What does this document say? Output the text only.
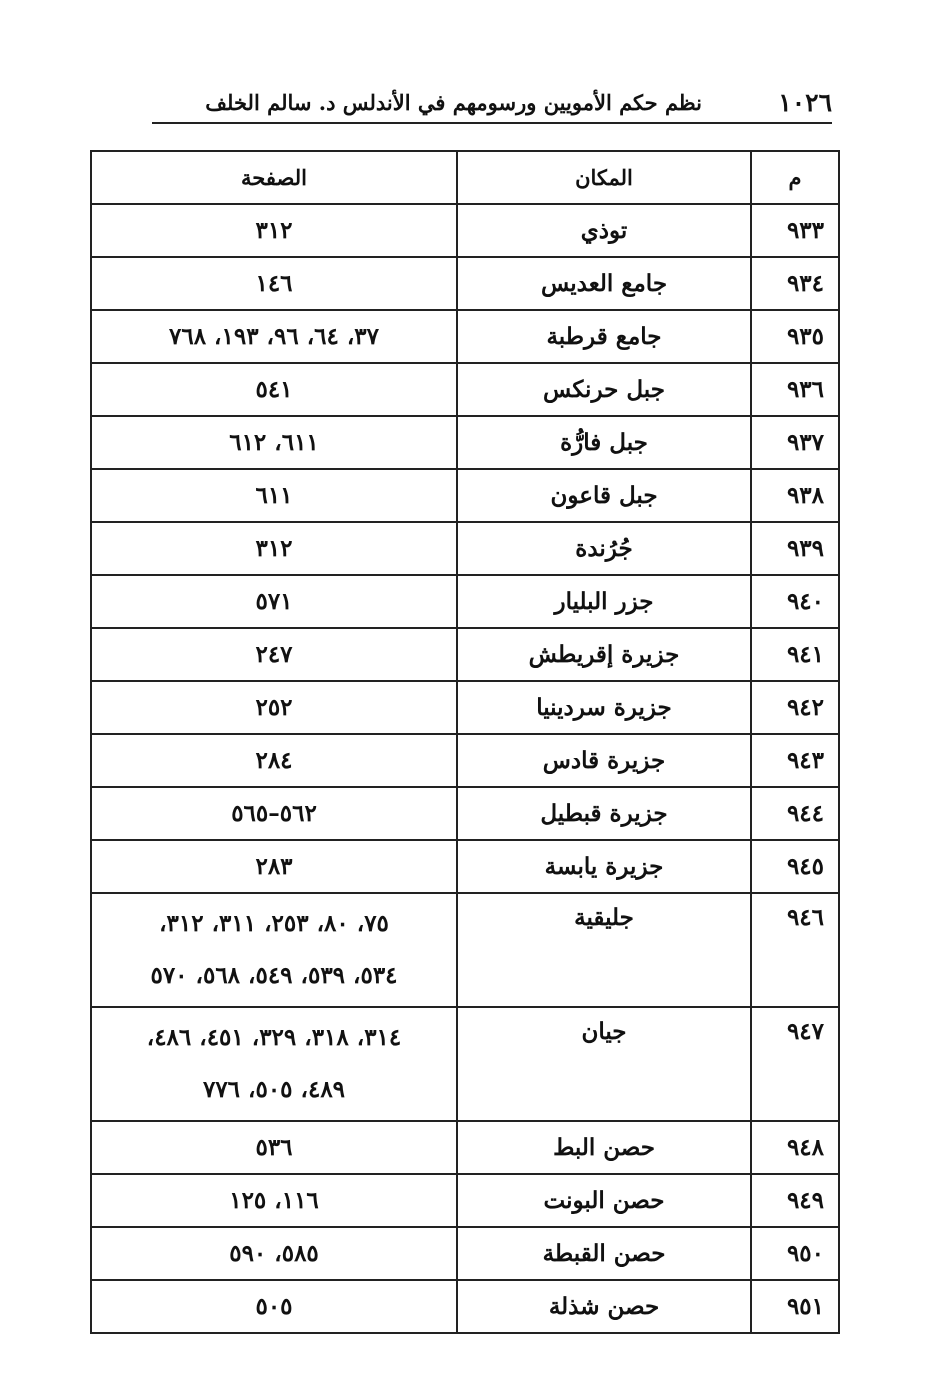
١٠٢٦
نظم حكم الأمويين ورسومهم في الأندلس د. سالم الخلف
م	المكان	الصفحة
٩٣٣	توذي	٣١٢
٩٣٤	جامع العديس	١٤٦
٩٣٥	جامع قرطبة	٣٧، ٦٤، ٩٦، ١٩٣، ٧٦٨
٩٣٦	جبل حرنكس	٥٤١
٩٣٧	جبل فارُّة	٦١١، ٦١٢
٩٣٨	جبل قاعون	٦١١
٩٣٩	جُرُندة	٣١٢
٩٤٠	جزر البليار	٥٧١
٩٤١	جزيرة إقريطش	٢٤٧
٩٤٢	جزيرة سردينيا	٢٥٢
٩٤٣	جزيرة قادس	٢٨٤
٩٤٤	جزيرة قبطيل	٥٦٢–٥٦٥
٩٤٥	جزيرة يابسة	٢٨٣
٩٤٦	جليقية	٧٥، ٨٠، ٢٥٣، ٣١١، ٣١٢،
٥٣٤، ٥٣٩، ٥٤٩، ٥٦٨، ٥٧٠

٩٤٧	جيان	٣١٤، ٣١٨، ٣٢٩، ٤٥١، ٤٨٦،
٤٨٩، ٥٠٥، ٧٧٦

٩٤٨	حصن البط	٥٣٦
٩٤٩	حصن البونت	١١٦، ١٢٥
٩٥٠	حصن القبطة	٥٨٥، ٥٩٠
٩٥١	حصن شذلة	٥٠٥
